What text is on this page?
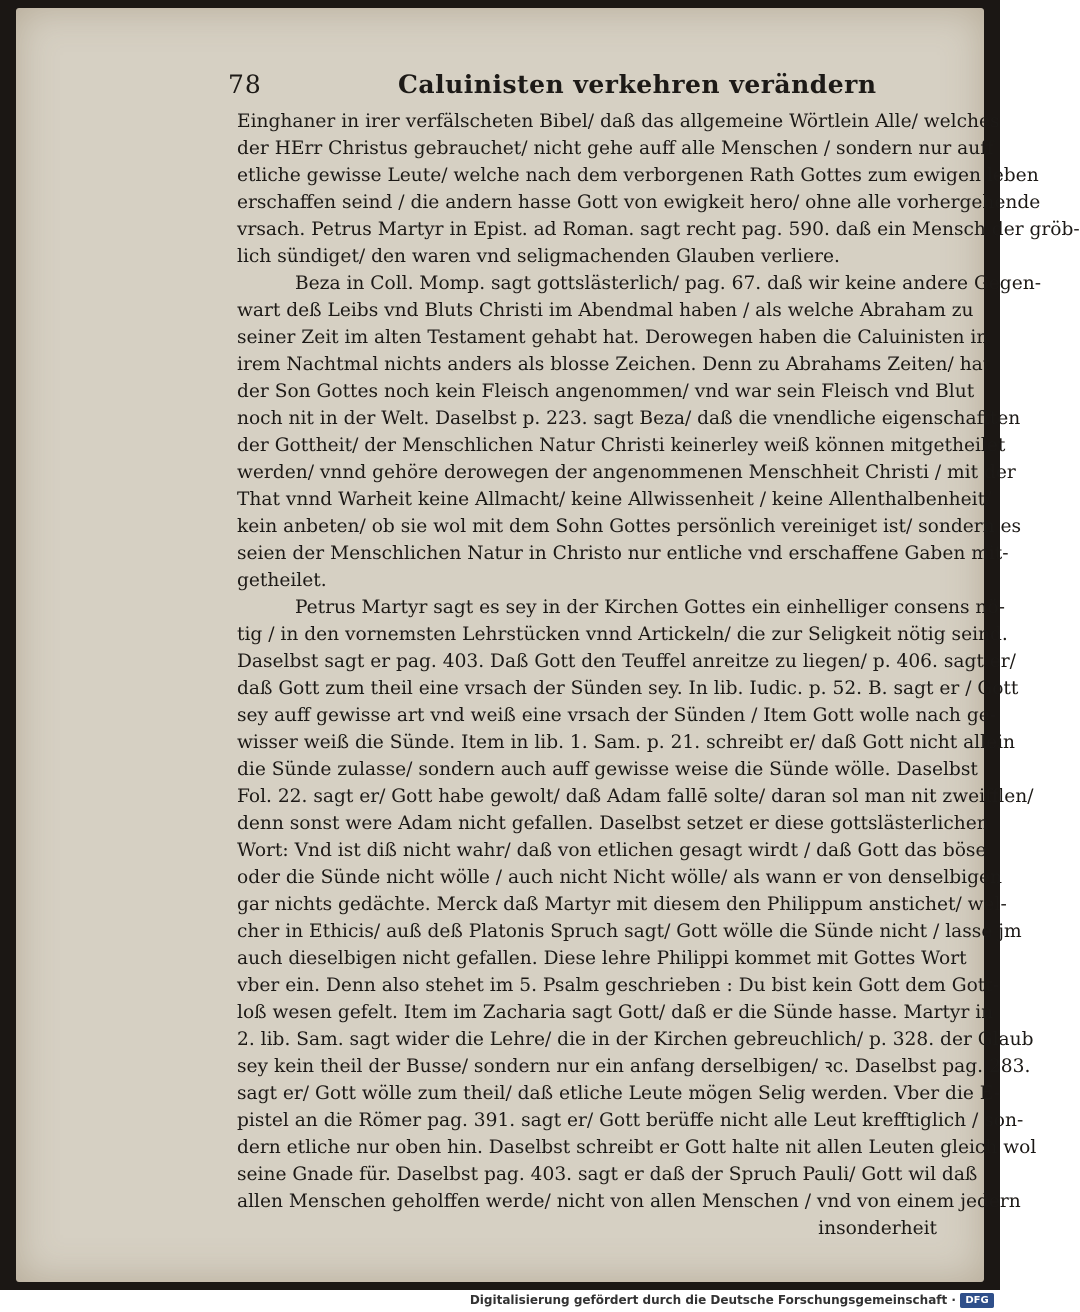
78	Caluinisten verkehren verändern
Einghaner in irer verfälscheten Bibel/ daß das allgemeine Wörtlein Alle/ welches
der HErr Christus gebrauchet/ nicht gehe auff alle Menschen / sondern nur auff
etliche gewisse Leute/ welche nach dem verborgenen Rath Gottes zum ewigen leben
erschaffen seind / die andern hasse Gott von ewigkeit hero/ ohne alle vorhergehende
vrsach. Petrus Martyr in Epist. ad Roman. sagt recht pag. 590. daß ein Mensch der gröb-
lich sündiget/ den waren vnd seligmachenden Glauben verliere.
Beza in Coll. Momp. sagt gottslästerlich/ pag. 67. daß wir keine andere Gegen-
wart deß Leibs vnd Bluts Christi im Abendmal haben / als welche Abraham zu
seiner Zeit im alten Testament gehabt hat. Derowegen haben die Caluinisten in
irem Nachtmal nichts anders als blosse Zeichen. Denn zu Abrahams Zeiten/ hat
der Son Gottes noch kein Fleisch angenommen/ vnd war sein Fleisch vnd Blut
noch nit in der Welt. Daselbst p. 223. sagt Beza/ daß die vnendliche eigenschafften
der Gottheit/ der Menschlichen Natur Christi keinerley weiß können mitgetheilet
werden/ vnnd gehöre derowegen der angenommenen Menschheit Christi / mit der
That vnnd Warheit keine Allmacht/ keine Allwissenheit / keine Allenthalbenheit/
kein anbeten/ ob sie wol mit dem Sohn Gottes persönlich vereiniget ist/ sondern es
seien der Menschlichen Natur in Christo nur entliche vnd erschaffene Gaben mit-
getheilet.
Petrus Martyr sagt es sey in der Kirchen Gottes ein einhelliger consens nö-
tig / in den vornemsten Lehrstücken vnnd Artickeln/ die zur Seligkeit nötig seind.
Daselbst sagt er pag. 403. Daß Gott den Teuffel anreitze zu liegen/ p. 406. sagt er/
daß Gott zum theil eine vrsach der Sünden sey. In lib. Iudic. p. 52. B. sagt er / Gott
sey auff gewisse art vnd weiß eine vrsach der Sünden / Item Gott wolle nach ge-
wisser weiß die Sünde. Item in lib. 1. Sam. p. 21. schreibt er/ daß Gott nicht allein
die Sünde zulasse/ sondern auch auff gewisse weise die Sünde wölle. Daselbst
Fol. 22. sagt er/ Gott habe gewolt/ daß Adam fallē solte/ daran sol man nit zweifflen/
denn sonst were Adam nicht gefallen. Daselbst setzet er diese gottslästerlichen
Wort: Vnd ist diß nicht wahr/ daß von etlichen gesagt wirdt / daß Gott das böse
oder die Sünde nicht wölle / auch nicht Nicht wölle/ als wann er von denselbigen
gar nichts gedächte. Merck daß Martyr mit diesem den Philippum anstichet/ wel-
cher in Ethicis/ auß deß Platonis Spruch sagt/ Gott wölle die Sünde nicht / lasse jm
auch dieselbigen nicht gefallen. Diese lehre Philippi kommet mit Gottes Wort
vber ein. Denn also stehet im 5. Psalm geschrieben : Du bist kein Gott dem Gott-
loß wesen gefelt. Item im Zacharia sagt Gott/ daß er die Sünde hasse. Martyr in
2. lib. Sam. sagt wider die Lehre/ die in der Kirchen gebreuchlich/ p. 328. der Glaub
sey kein theil der Busse/ sondern nur ein anfang derselbigen/ ꝛc. Daselbst pag. 283.
sagt er/ Gott wölle zum theil/ daß etliche Leute mögen Selig werden. Vber die E-
pistel an die Römer pag. 391. sagt er/ Gott berüffe nicht alle Leut krefftiglich / son-
dern etliche nur oben hin. Daselbst schreibt er Gott halte nit allen Leuten gleich wol
seine Gnade für. Daselbst pag. 403. sagt er daß der Spruch Pauli/ Gott wil daß
allen Menschen geholffen werde/ nicht von allen Menschen / vnd von einem jedern
insonderheit
Digitalisierung gefördert durch die Deutsche Forschungsgemeinschaft · DFG
